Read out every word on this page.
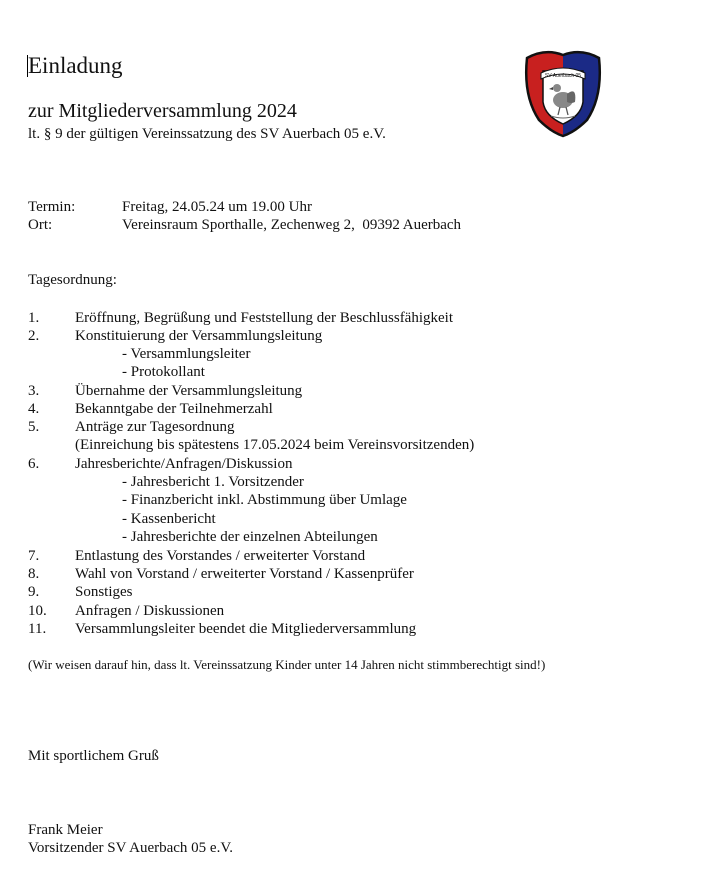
Einladung
zur Mitgliederversammlung 2024
lt. § 9 der gültigen Vereinssatzung des SV Auerbach 05 e.V.
SV Auerbach 05
Termin:	Freitag, 24.05.24 um 19.00 Uhr
Ort:	Vereinsraum Sporthalle, Zechenweg 2,  09392 Auerbach
Tagesordnung:
1. Eröffnung, Begrüßung und Feststellung der Beschlussfähigkeit
2. Konstituierung der Versammlungsleitung
- Versammlungsleiter
- Protokollant
3. Übernahme der Versammlungsleitung
4. Bekanntgabe der Teilnehmerzahl
5. Anträge zur Tagesordnung
(Einreichung bis spätestens 17.05.2024 beim Vereinsvorsitzenden)
6. Jahresberichte/Anfragen/Diskussion
- Jahresbericht 1. Vorsitzender
- Finanzbericht inkl. Abstimmung über Umlage
- Kassenbericht
- Jahresberichte der einzelnen Abteilungen
7. Entlastung des Vorstandes / erweiterter Vorstand
8. Wahl von Vorstand / erweiterter Vorstand / Kassenprüfer
9. Sonstiges
10. Anfragen / Diskussionen
11. Versammlungsleiter beendet die Mitgliederversammlung
(Wir weisen darauf hin, dass lt. Vereinssatzung Kinder unter 14 Jahren nicht stimmberechtigt sind!)
Mit sportlichem Gruß
Frank Meier
Vorsitzender SV Auerbach 05 e.V.
